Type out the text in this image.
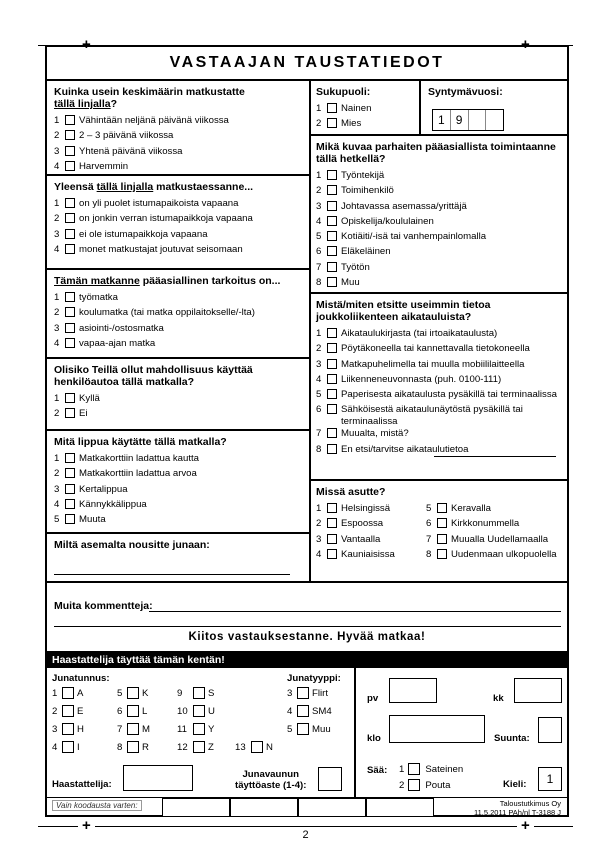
+	+
+	+
VASTAAJAN TAUSTATIEDOT
Kuinka usein keskimäärin matkustatte
tällä linjalla?
1	Vähintään neljänä päivänä viikossa
2	2 – 3 päivänä viikossa
3	Yhtenä päivänä viikossa
4	Harvemmin
Yleensä tällä linjalla matkustaessanne...
1	on yli puolet istumapaikoista vapaana
2	on jonkin verran istumapaikkoja vapaana
3	ei ole istumapaikkoja vapaana
4	monet matkustajat joutuvat seisomaan
Tämän matkanne pääasiallinen tarkoitus on...
1	työmatka
2	koulumatka (tai matka oppilaitokselle/-lta)
3	asiointi-/ostosmatka
4	vapaa-ajan matka
Olisiko Teillä ollut mahdollisuus käyttää henkilöautoa tällä matkalla?
1	Kyllä
2	Ei
Mitä lippua käytätte tällä matkalla?
1	Matkakorttiin ladattua kautta
2	Matkakorttiin ladattua arvoa
3	Kertalippua
4	Kännykkälippua
5	Muuta
Miltä asemalta nousitte junaan:
Sukupuoli:
1	Nainen
2	Mies
Syntymävuosi:
1 9
Mikä kuvaa parhaiten pääasiallista toimintaanne tällä hetkellä?
1	Työntekijä
2	Toimihenkilö
3	Johtavassa asemassa/yrittäjä
4	Opiskelija/koululainen
5	Kotiäiti/-isä tai vanhempainlomalla
6	Eläkeläinen
7	Työtön
8	Muu
Mistä/miten etsitte useimmin tietoa joukkoliikenteen aikatauluista?
1	Aikataulukirjasta (tai irtoaikataulusta)
2	Pöytäkoneella tai kannettavalla tietokoneella
3	Matkapuhelimella tai muulla mobiililaitteella
4	Liikenneneuvonnasta (puh. 0100-111)
5	Paperisesta aikataulusta pysäkillä tai terminaalissa
6	Sähköisestä aikataulunäytöstä pysäkillä tai terminaalissa
7	Muualta, mistä?
8	En etsi/tarvitse aikataulutietoa
Missä asutte?
1	Helsingissä
2	Espoossa
3	Vantaalla
4	Kauniaisissa
5	Keravalla
6	Kirkkonummella
7	Muualla Uudellamaalla
8	Uudenmaan ulkopuolella
Muita kommentteja:
Kiitos vastauksestanne. Hyvää matkaa!
Haastattelija täyttää tämän kentän!
Junatunnus:
1 A	5 K	9	S
2 E	6 L	10	U
3 H	7 M	11	Y
4 I	8 R	12	Z 13	N
Junatyyppi:
3 Flirt
4 SM4
5 Muu
Haastattelija:
Junavaunun
täyttöaste (1-4):
pv	kk
klo	Suunta:
Sää: 1 Sateinen
2 Pouta	Kieli:	1
Vain koodausta varten:	Taloustutkimus Oy
11.5.2011 PAh/nl T-3188 J
2
